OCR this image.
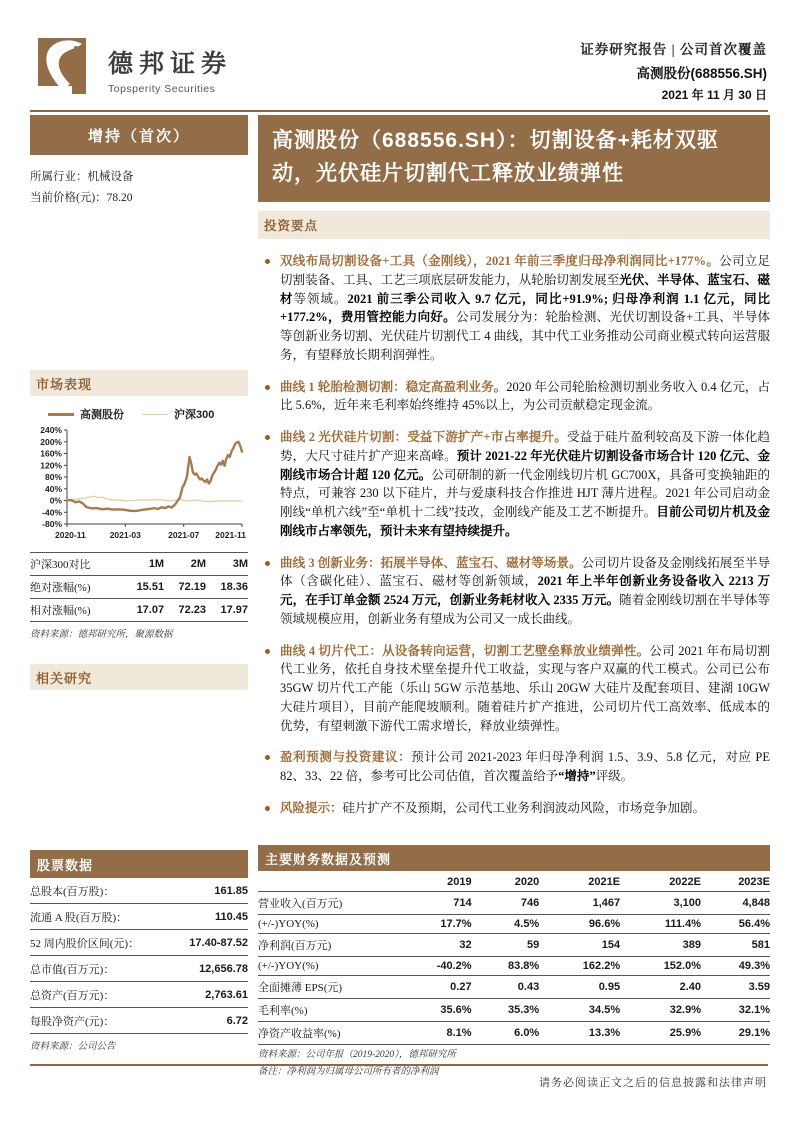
德邦证券
Topsperity Securities
证券研究报告 | 公司首次覆盖
高测股份(688556.SH)
2021 年 11 月 30 日
增持（首次）
所属行业：机械设备
当前价格(元)：78.20
市场表现
高测股份	沪深300
240%
200%
160%
120%
80%
40%
0%
-40%
-80%
2020-11	2021-03	2021-07 2021-11
沪深300对比	1M	2M	3M
绝对涨幅(%)	15.51	72.19	18.36
相对涨幅(%)	17.07	72.23	17.97
资料来源：德邦研究所，聚源数据
相关研究
股票数据
总股本(百万股)：	161.85
流通 A 股(百万股)：	110.45
52 周内股价区间(元)：	17.40-87.52
总市值(百万元)：	12,656.78
总资产(百万元)：	2,763.61
每股净资产(元)：	6.72
资料来源：公司公告
高测股份（688556.SH）：切割设备+耗材双驱动，光伏硅片切割代工释放业绩弹性
投资要点
双线布局切割设备+工具（金刚线），2021 年前三季度归母净利润同比+177%。公司立足切割装备、工具、工艺三项底层研发能力，从轮胎切割发展至光伏、半导体、蓝宝石、磁材等领域。2021 前三季公司收入 9.7 亿元，同比+91.9%; 归母净利润 1.1 亿元，同比+177.2%，费用管控能力向好。公司发展分为：轮胎检测、光伏切割设备+工具、半导体等创新业务切割、光伏硅片切割代工 4 曲线，其中代工业务推动公司商业模式转向运营服务，有望释放长期利润弹性。
曲线 1 轮胎检测切割：稳定高盈利业务。2020 年公司轮胎检测切割业务收入 0.4 亿元，占比 5.6%，近年来毛利率始终维持 45%以上，为公司贡献稳定现金流。
曲线 2 光伏硅片切割：受益下游扩产+市占率提升。受益于硅片盈利较高及下游一体化趋势，大尺寸硅片扩产迎来高峰。预计 2021-22 年光伏硅片切割设备市场合计 120 亿元、金刚线市场合计超 120 亿元。公司研制的新一代金刚线切片机 GC700X，具备可变换轴距的特点，可兼容 230 以下硅片，并与爱康科技合作推进 HJT 薄片进程。2021 年公司启动金刚线“单机六线”至“单机十二线”技改，金刚线产能及工艺不断提升。目前公司切片机及金刚线市占率领先，预计未来有望持续提升。
曲线 3 创新业务：拓展半导体、蓝宝石、磁材等场景。公司切片设备及金刚线拓展至半导体（含碳化硅）、蓝宝石、磁材等创新领域，2021 年上半年创新业务设备收入 2213 万元，在手订单金额 2524 万元，创新业务耗材收入 2335 万元。随着金刚线切割在半导体等领域规模应用，创新业务有望成为公司又一成长曲线。
曲线 4 切片代工：从设备转向运营，切割工艺壁垒释放业绩弹性。公司 2021 年布局切割代工业务，依托自身技术壁垒提升代工收益，实现与客户双赢的代工模式。公司已公布 35GW 切片代工产能（乐山 5GW 示范基地、乐山 20GW 大硅片及配套项目、建湖 10GW 大硅片项目），目前产能爬坡顺利。随着硅片扩产推进，公司切片代工高效率、低成本的优势，有望刺激下游代工需求增长，释放业绩弹性。
盈利预测与投资建议：预计公司 2021-2023 年归母净利润 1.5、3.9、5.8 亿元，对应 PE 82、33、22 倍，参考可比公司估值，首次覆盖给予“增持”评级。
风险提示：硅片扩产不及预期，公司代工业务利润波动风险，市场竞争加剧。
主要财务数据及预测
	2019	2020	2021E	2022E	2023E
营业收入(百万元)	714	746	1,467	3,100	4,848
(+/-)YOY(%)	17.7%	4.5%	96.6%	111.4%	56.4%
净利润(百万元)	32	59	154	389	581
(+/-)YOY(%)	-40.2%	83.8%	162.2%	152.0%	49.3%
全面摊薄 EPS(元)	0.27	0.43	0.95	2.40	3.59
毛利率(%)	35.6%	35.3%	34.5%	32.9%	32.1%
净资产收益率(%)	8.1%	6.0%	13.3%	25.9%	29.1%
资料来源：公司年报（2019-2020），德邦研究所
备注：净利润为归属母公司所有者的净利润
请务必阅读正文之后的信息披露和法律声明
